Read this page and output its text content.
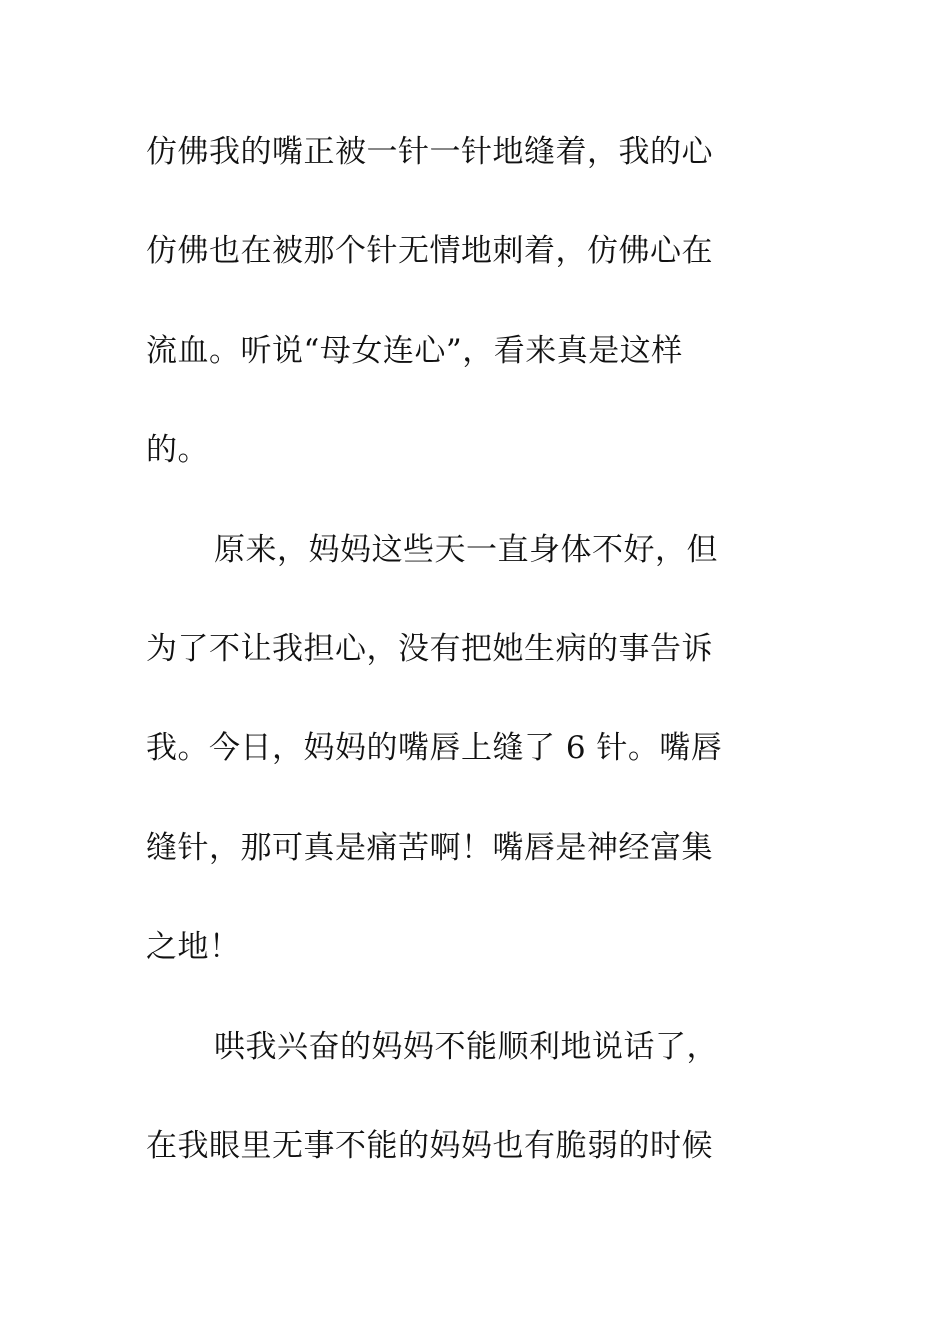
仿佛我的嘴正被一针一针地缝着，我的心
仿佛也在被那个针无情地刺着，仿佛心在
流血。听说“母女连心”，看来真是这样
的。
原来，妈妈这些天一直身体不好，但
为了不让我担心，没有把她生病的事告诉
我。今日，妈妈的嘴唇上缝了 6 针。嘴唇
缝针，那可真是痛苦啊！嘴唇是神经富集
之地！
哄我兴奋的妈妈不能顺利地说话了，
在我眼里无事不能的妈妈也有脆弱的时候
